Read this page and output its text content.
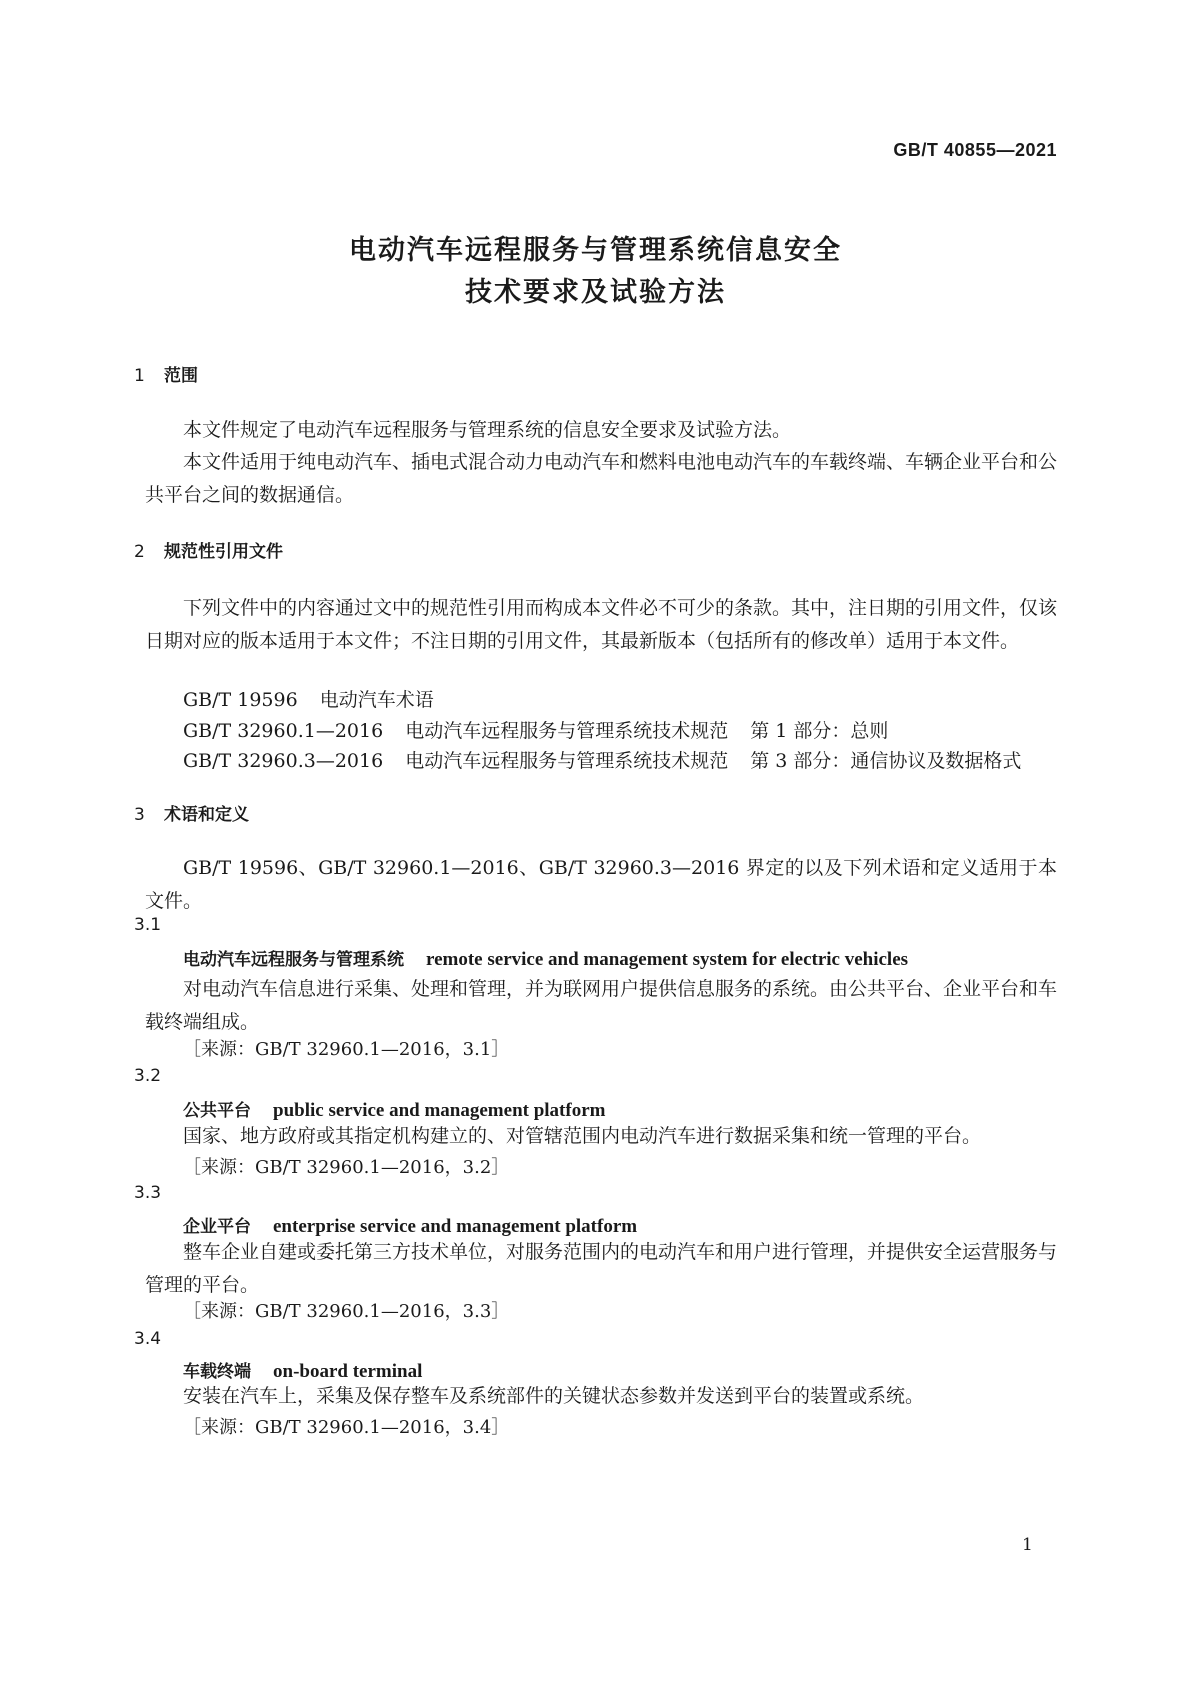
GB/T 40855—2021
电动汽车远程服务与管理系统信息安全
技术要求及试验方法
1 范围
本文件规定了电动汽车远程服务与管理系统的信息安全要求及试验方法。
本文件适用于纯电动汽车、插电式混合动力电动汽车和燃料电池电动汽车的车载终端、车辆企业平台和公共平台之间的数据通信。
2 规范性引用文件
下列文件中的内容通过文中的规范性引用而构成本文件必不可少的条款。其中，注日期的引用文件，仅该日期对应的版本适用于本文件；不注日期的引用文件，其最新版本（包括所有的修改单）适用于本文件。
GB/T 19596 电动汽车术语
GB/T 32960.1—2016 电动汽车远程服务与管理系统技术规范 第 1 部分：总则
GB/T 32960.3—2016 电动汽车远程服务与管理系统技术规范 第 3 部分：通信协议及数据格式
3 术语和定义
GB/T 19596、GB/T 32960.1—2016、GB/T 32960.3—2016 界定的以及下列术语和定义适用于本文件。
3.1
电动汽车远程服务与管理系统 remote service and management system for electric vehicles
对电动汽车信息进行采集、处理和管理，并为联网用户提供信息服务的系统。由公共平台、企业平台和车载终端组成。
［来源：GB/T 32960.1—2016，3.1］
3.2
公共平台 public service and management platform
国家、地方政府或其指定机构建立的、对管辖范围内电动汽车进行数据采集和统一管理的平台。
［来源：GB/T 32960.1—2016，3.2］
3.3
企业平台 enterprise service and management platform
整车企业自建或委托第三方技术单位，对服务范围内的电动汽车和用户进行管理，并提供安全运营服务与管理的平台。
［来源：GB/T 32960.1—2016，3.3］
3.4
车载终端 on-board terminal
安装在汽车上，采集及保存整车及系统部件的关键状态参数并发送到平台的装置或系统。
［来源：GB/T 32960.1—2016，3.4］
1
